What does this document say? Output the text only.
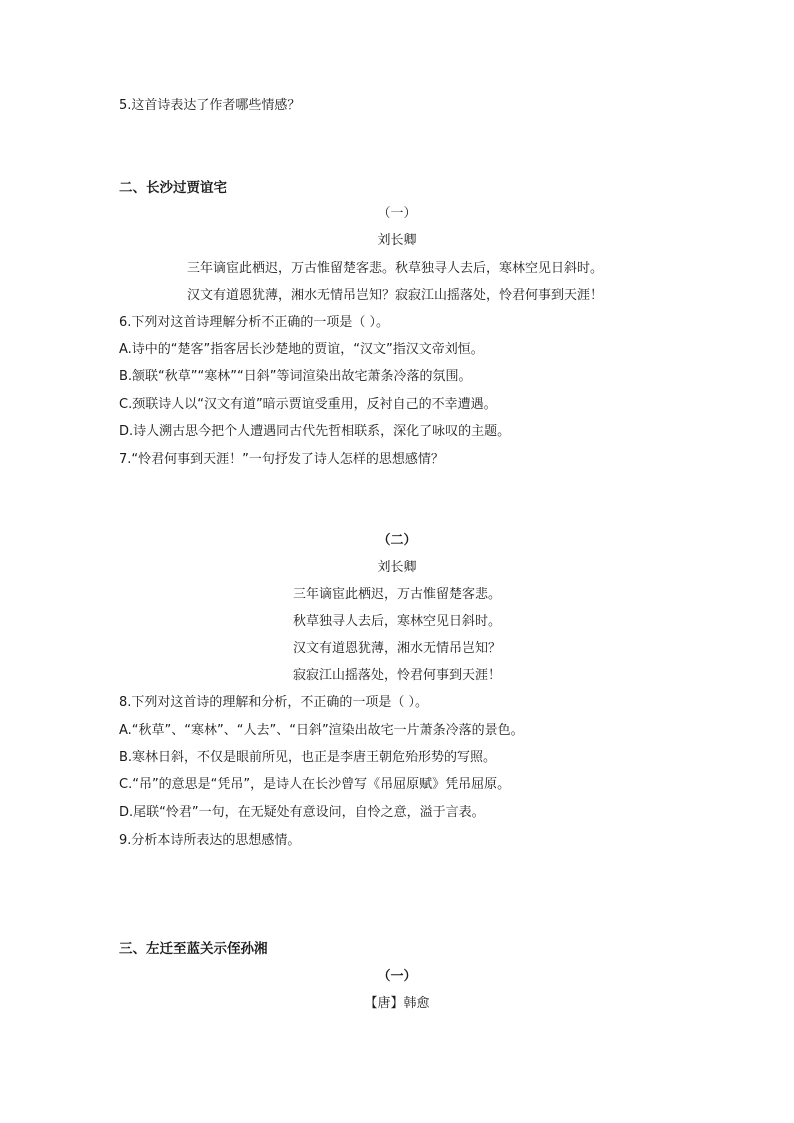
5.这首诗表达了作者哪些情感？
二、长沙过贾谊宅
（一）
刘长卿
三年谪宦此栖迟，万古惟留楚客悲。秋草独寻人去后，寒林空见日斜时。
汉文有道恩犹薄，湘水无情吊岂知？寂寂江山摇落处，怜君何事到天涯！
6.下列对这首诗理解分析不正确的一项是（ ）。
A.诗中的“楚客”指客居长沙楚地的贾谊，“汉文”指汉文帝刘恒。
B.颔联“秋草”“寒林”“日斜”等词渲染出故宅萧条冷落的氛围。
C.颈联诗人以“汉文有道”暗示贾谊受重用，反衬自己的不幸遭遇。
D.诗人溯古思今把个人遭遇同古代先哲相联系，深化了咏叹的主题。
7.“怜君何事到天涯！”一句抒发了诗人怎样的思想感情？
（二）
刘长卿
三年谪宦此栖迟，万古惟留楚客悲。
秋草独寻人去后，寒林空见日斜时。
汉文有道恩犹薄，湘水无情吊岂知？
寂寂江山摇落处，怜君何事到天涯！
8.下列对这首诗的理解和分析，不正确的一项是（ ）。
A.“秋草”、“寒林”、“人去”、“日斜”渲染出故宅一片萧条冷落的景色。
B.寒林日斜，不仅是眼前所见，也正是李唐王朝危殆形势的写照。
C.“吊”的意思是“凭吊”，是诗人在长沙曾写《吊屈原赋》凭吊屈原。
D.尾联“怜君”一句，在无疑处有意设问，自怜之意，溢于言表。
9.分析本诗所表达的思想感情。
三、左迁至蓝关示侄孙湘
（一）
【唐】韩愈
